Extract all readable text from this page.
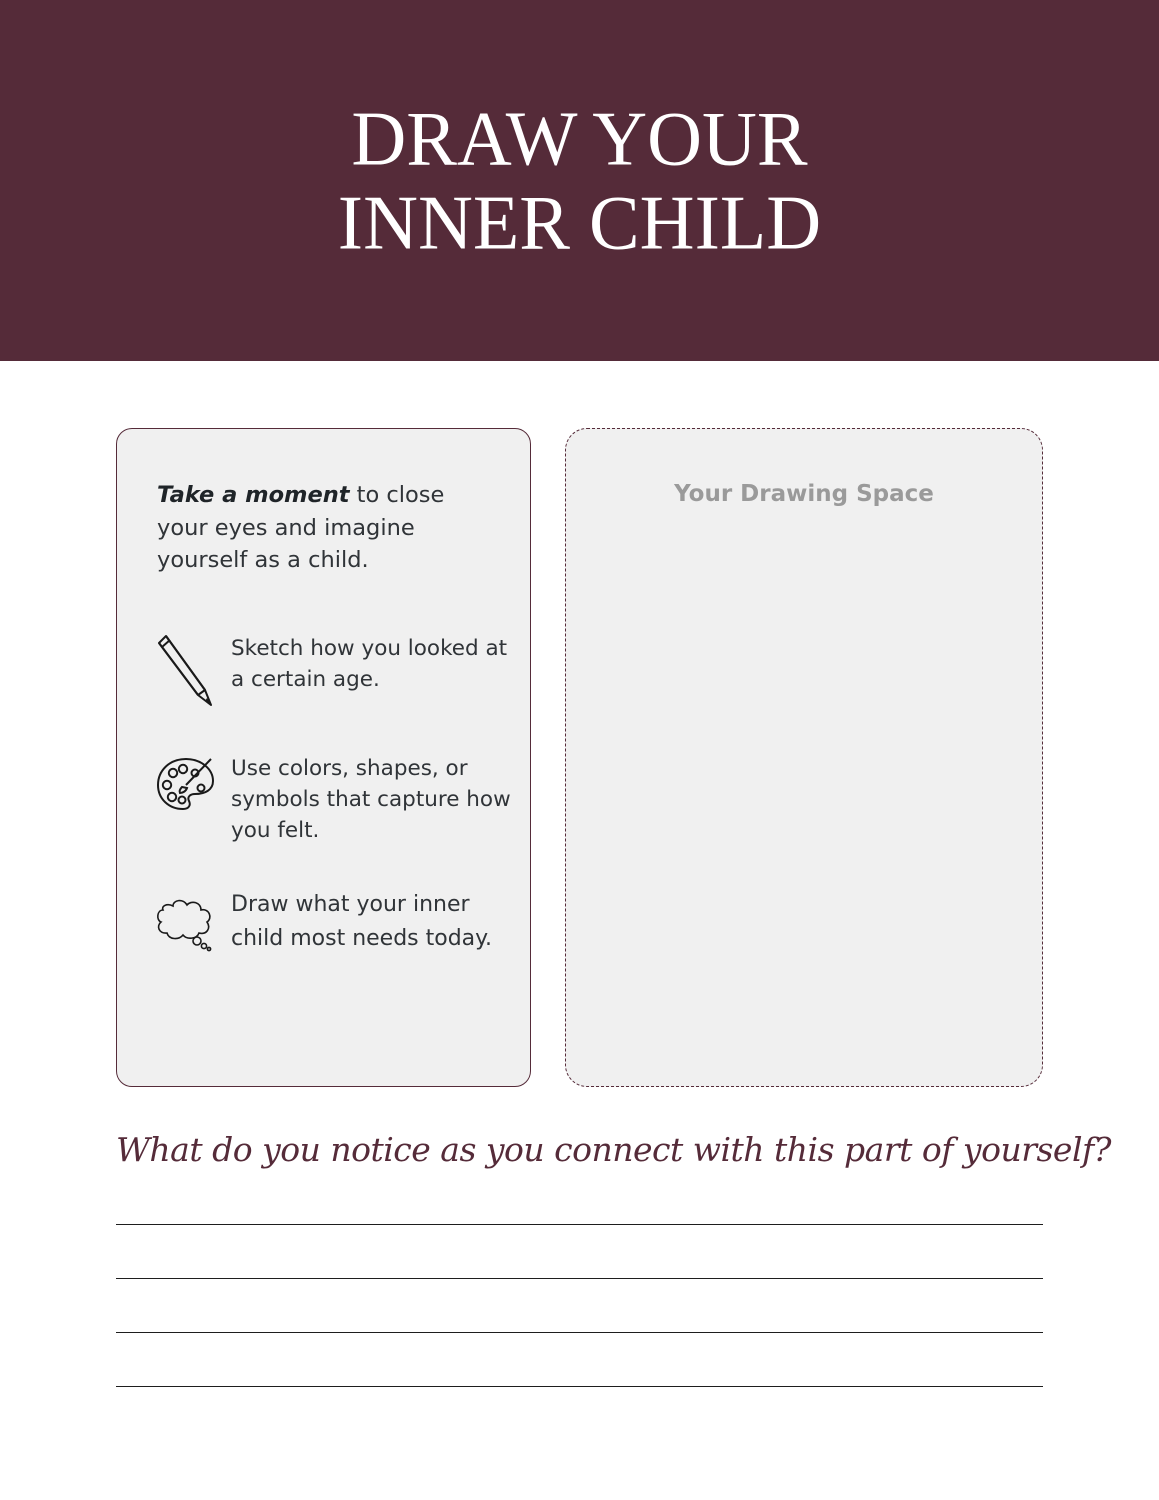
DRAW YOUR
INNER CHILD

Take a moment to close your eyes and imagine yourself as a child.

Sketch how you looked at a certain age.

Use colors, shapes, or symbols that capture how you felt.

Draw what your inner child most needs today.

Your Drawing Space
What do you notice as you connect with this part of yourself?
